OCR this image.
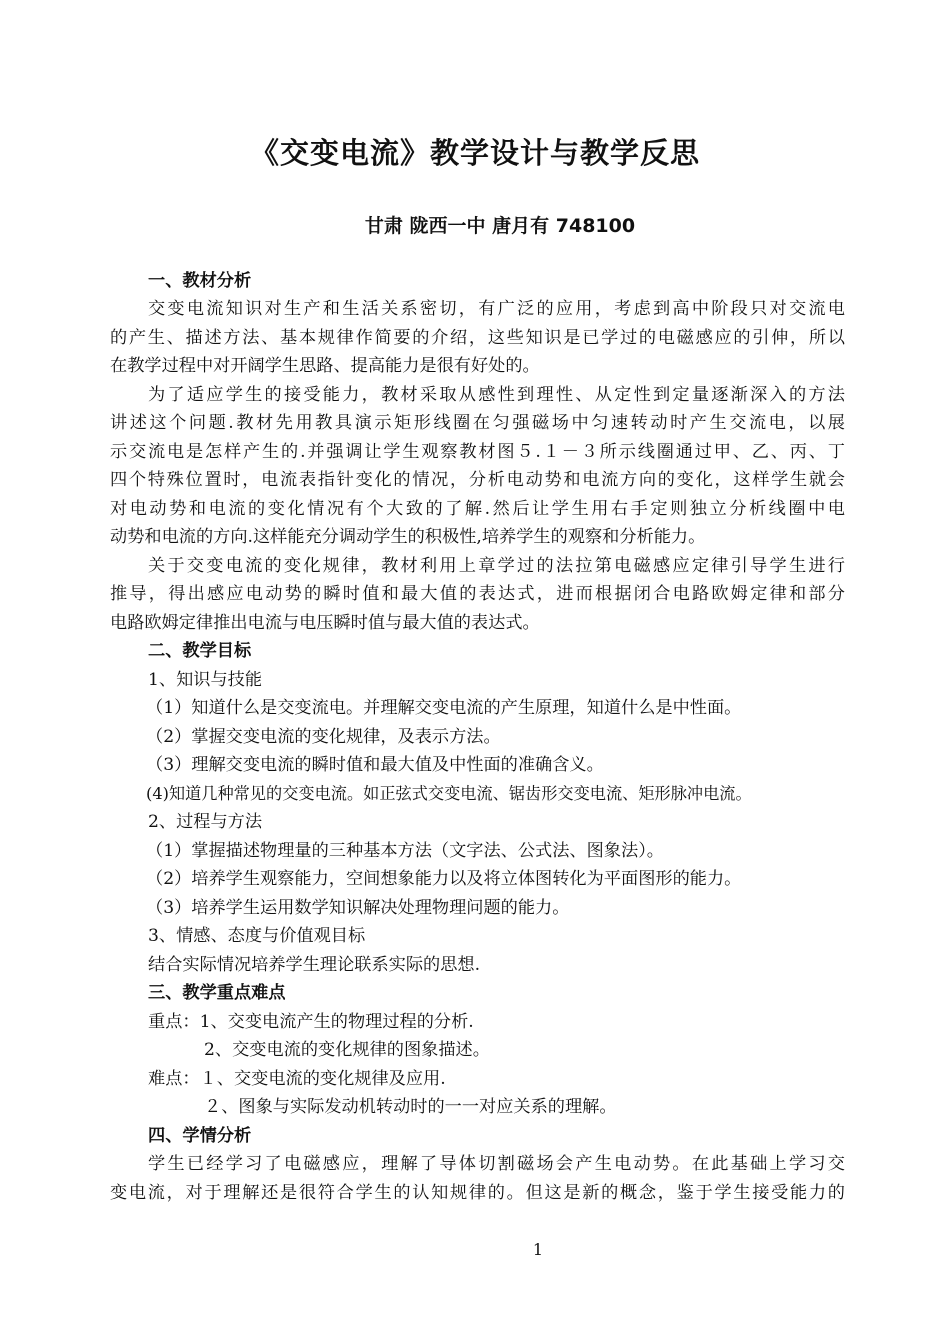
《交变电流》教学设计与教学反思
甘肃 陇西一中 唐月有 748100
一、教材分析
交变电流知识对生产和生活关系密切，有广泛的应用，考虑到高中阶段只对交流电
的产生、描述方法、基本规律作简要的介绍，这些知识是已学过的电磁感应的引伸，所以
在教学过程中对开阔学生思路、提高能力是很有好处的。
为了适应学生的接受能力，教材采取从感性到理性、从定性到定量逐渐深入的方法
讲述这个问题.教材先用教具演示矩形线圈在匀强磁场中匀速转动时产生交流电，以展
示交流电是怎样产生的.并强调让学生观察教材图５.１－３所示线圈通过甲、乙、丙、丁
四个特殊位置时，电流表指针变化的情况，分析电动势和电流方向的变化，这样学生就会
对电动势和电流的变化情况有个大致的了解.然后让学生用右手定则独立分析线圈中电
动势和电流的方向.这样能充分调动学生的积极性,培养学生的观察和分析能力。
关于交变电流的变化规律，教材利用上章学过的法拉第电磁感应定律引导学生进行
推导，得出感应电动势的瞬时值和最大值的表达式，进而根据闭合电路欧姆定律和部分
电路欧姆定律推出电流与电压瞬时值与最大值的表达式。
二、教学目标
1、知识与技能
（1）知道什么是交变流电。并理解交变电流的产生原理，知道什么是中性面。
（2）掌握交变电流的变化规律，及表示方法。
（3）理解交变电流的瞬时值和最大值及中性面的准确含义。
(4)知道几种常见的交变电流。如正弦式交变电流、锯齿形交变电流、矩形脉冲电流。
2、过程与方法
（1）掌握描述物理量的三种基本方法（文字法、公式法、图象法）。
（2）培养学生观察能力，空间想象能力以及将立体图转化为平面图形的能力。
（3）培养学生运用数学知识解决处理物理问题的能力。
3、情感、态度与价值观目标
结合实际情况培养学生理论联系实际的思想.
三、教学重点难点
重点：1、交变电流产生的物理过程的分析.
2、交变电流的变化规律的图象描述。
难点：１、交变电流的变化规律及应用.
２、图象与实际发动机转动时的一一对应关系的理解。
四、学情分析
学生已经学习了电磁感应，理解了导体切割磁场会产生电动势。在此基础上学习交
变电流，对于理解还是很符合学生的认知规律的。但这是新的概念，鉴于学生接受能力的
1
